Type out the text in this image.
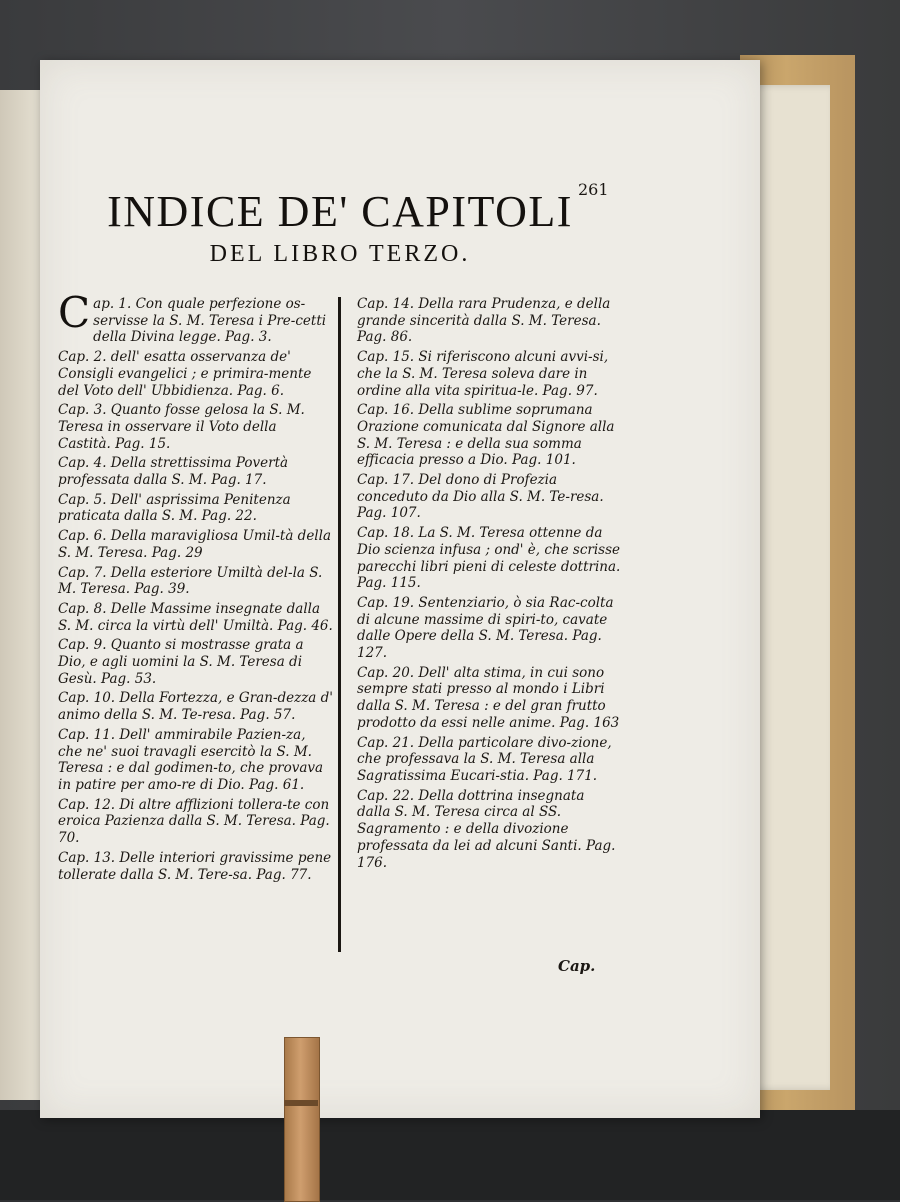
261
INDICE DE' CAPITOLI
DEL LIBRO TERZO.
Cap. 1. Con quale perfezione os-servisse la S. M. Teresa i Pre-cetti della Divina legge. Pag. 3.
Cap. 2. dell' esatta osservanza de' Consigli evangelici ; e primira-mente del Voto dell' Ubbidienza. Pag. 6.
Cap. 3. Quanto fosse gelosa la S. M. Teresa in osservare il Voto della Castità. Pag. 15.
Cap. 4. Della strettissima Povertà professata dalla S. M. Pag. 17.
Cap. 5. Dell' asprissima Penitenza praticata dalla S. M. Pag. 22.
Cap. 6. Della maravigliosa Umil-tà della S. M. Teresa. Pag. 29
Cap. 7. Della esteriore Umiltà del-la S. M. Teresa. Pag. 39.
Cap. 8. Delle Massime insegnate dalla S. M. circa la virtù dell' Umiltà. Pag. 46.
Cap. 9. Quanto si mostrasse grata a Dio, e agli uomini la S. M. Teresa di Gesù. Pag. 53.
Cap. 10. Della Fortezza, e Gran-dezza d' animo della S. M. Te-resa. Pag. 57.
Cap. 11. Dell' ammirabile Pazien-za, che ne' suoi travagli esercitò la S. M. Teresa : e dal godimen-to, che provava in patire per amo-re di Dio. Pag. 61.
Cap. 12. Di altre afflizioni tollera-te con eroica Pazienza dalla S. M. Teresa. Pag. 70.
Cap. 13. Delle interiori gravissime pene tollerate dalla S. M. Tere-sa. Pag. 77.
Cap. 14. Della rara Prudenza, e della grande sincerità dalla S. M. Teresa. Pag. 86.
Cap. 15. Si riferiscono alcuni avvi-si, che la S. M. Teresa soleva dare in ordine alla vita spiritua-le. Pag. 97.
Cap. 16. Della sublime soprumana Orazione comunicata dal Signore alla S. M. Teresa : e della sua somma efficacia presso a Dio. Pag. 101.
Cap. 17. Del dono di Profezia conceduto da Dio alla S. M. Te-resa. Pag. 107.
Cap. 18. La S. M. Teresa ottenne da Dio scienza infusa ; ond' è, che scrisse parecchi libri pieni di celeste dottrina. Pag. 115.
Cap. 19. Sentenziario, ò sia Rac-colta di alcune massime di spiri-to, cavate dalle Opere della S. M. Teresa. Pag. 127.
Cap. 20. Dell' alta stima, in cui sono sempre stati presso al mondo i Libri dalla S. M. Teresa : e del gran frutto prodotto da essi nelle anime. Pag. 163
Cap. 21. Della particolare divo-zione, che professava la S. M. Teresa alla Sagratissima Eucari-stia. Pag. 171.
Cap. 22. Della dottrina insegnata dalla S. M. Teresa circa al SS. Sagramento : e della divozione professata da lei ad alcuni Santi. Pag. 176.
Cap.
